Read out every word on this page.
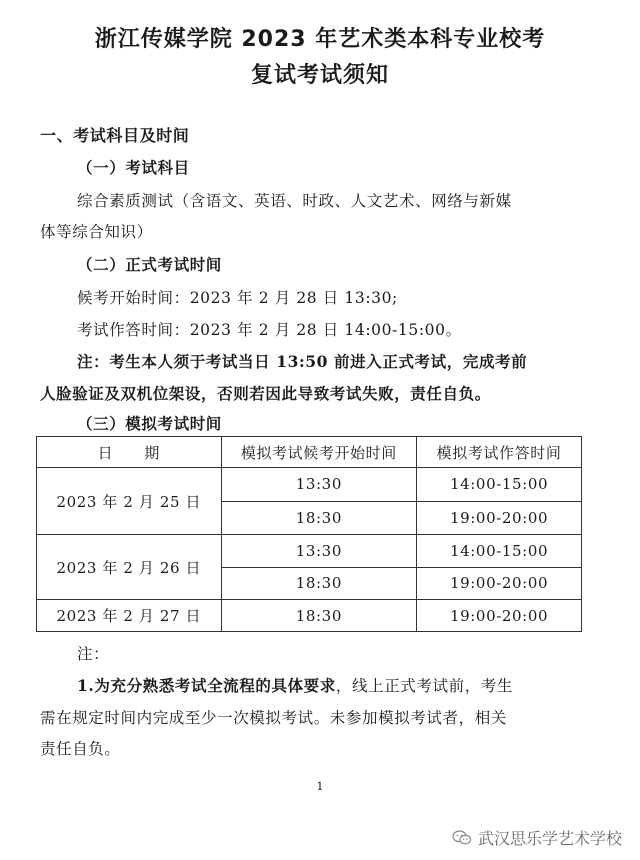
浙江传媒学院 2023 年艺术类本科专业校考
复试考试须知
一、考试科目及时间
（一）考试科目
综合素质测试（含语文、英语、时政、人文艺术、网络与新媒
体等综合知识）
（二）正式考试时间
候考开始时间：2023 年 2 月 28 日 13:30;
考试作答时间：2023 年 2 月 28 日 14:00-15:00。
注：考生本人须于考试当日 13:50 前进入正式考试，完成考前
人脸验证及双机位架设，否则若因此导致考试失败，责任自负。
（三）模拟考试时间
日　　期	模拟考试候考开始时间	模拟考试作答时间
2023 年 2 月 25 日	13:30	14:00-15:00
	18:30	19:00-20:00
2023 年 2 月 26 日	13:30	14:00-15:00
	18:30	19:00-20:00
2023 年 2 月 27 日	18:30	19:00-20:00
注：
1.为充分熟悉考试全流程的具体要求，线上正式考试前，考生
需在规定时间内完成至少一次模拟考试。未参加模拟考试者，相关
责任自负。
1
武汉思乐学艺术学校
